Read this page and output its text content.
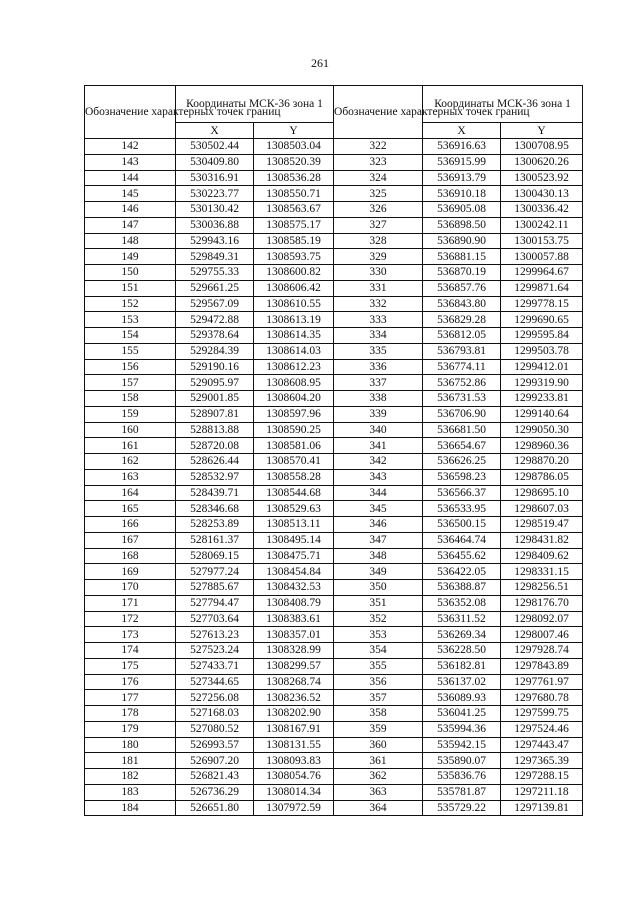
261
Обозначение характерных точек границ	Координаты МСК-36 зона 1		Обозначение характерных точек границ	Координаты МСК-36 зона 1	
	X	Y		X	Y
142	530502.44	1308503.04	322	536916.63	1300708.95
143	530409.80	1308520.39	323	536915.99	1300620.26
144	530316.91	1308536.28	324	536913.79	1300523.92
145	530223.77	1308550.71	325	536910.18	1300430.13
146	530130.42	1308563.67	326	536905.08	1300336.42
147	530036.88	1308575.17	327	536898.50	1300242.11
148	529943.16	1308585.19	328	536890.90	1300153.75
149	529849.31	1308593.75	329	536881.15	1300057.88
150	529755.33	1308600.82	330	536870.19	1299964.67
151	529661.25	1308606.42	331	536857.76	1299871.64
152	529567.09	1308610.55	332	536843.80	1299778.15
153	529472.88	1308613.19	333	536829.28	1299690.65
154	529378.64	1308614.35	334	536812.05	1299595.84
155	529284.39	1308614.03	335	536793.81	1299503.78
156	529190.16	1308612.23	336	536774.11	1299412.01
157	529095.97	1308608.95	337	536752.86	1299319.90
158	529001.85	1308604.20	338	536731.53	1299233.81
159	528907.81	1308597.96	339	536706.90	1299140.64
160	528813.88	1308590.25	340	536681.50	1299050.30
161	528720.08	1308581.06	341	536654.67	1298960.36
162	528626.44	1308570.41	342	536626.25	1298870.20
163	528532.97	1308558.28	343	536598.23	1298786.05
164	528439.71	1308544.68	344	536566.37	1298695.10
165	528346.68	1308529.63	345	536533.95	1298607.03
166	528253.89	1308513.11	346	536500.15	1298519.47
167	528161.37	1308495.14	347	536464.74	1298431.82
168	528069.15	1308475.71	348	536455.62	1298409.62
169	527977.24	1308454.84	349	536422.05	1298331.15
170	527885.67	1308432.53	350	536388.87	1298256.51
171	527794.47	1308408.79	351	536352.08	1298176.70
172	527703.64	1308383.61	352	536311.52	1298092.07
173	527613.23	1308357.01	353	536269.34	1298007.46
174	527523.24	1308328.99	354	536228.50	1297928.74
175	527433.71	1308299.57	355	536182.81	1297843.89
176	527344.65	1308268.74	356	536137.02	1297761.97
177	527256.08	1308236.52	357	536089.93	1297680.78
178	527168.03	1308202.90	358	536041.25	1297599.75
179	527080.52	1308167.91	359	535994.36	1297524.46
180	526993.57	1308131.55	360	535942.15	1297443.47
181	526907.20	1308093.83	361	535890.07	1297365.39
182	526821.43	1308054.76	362	535836.76	1297288.15
183	526736.29	1308014.34	363	535781.87	1297211.18
184	526651.80	1307972.59	364	535729.22	1297139.81
